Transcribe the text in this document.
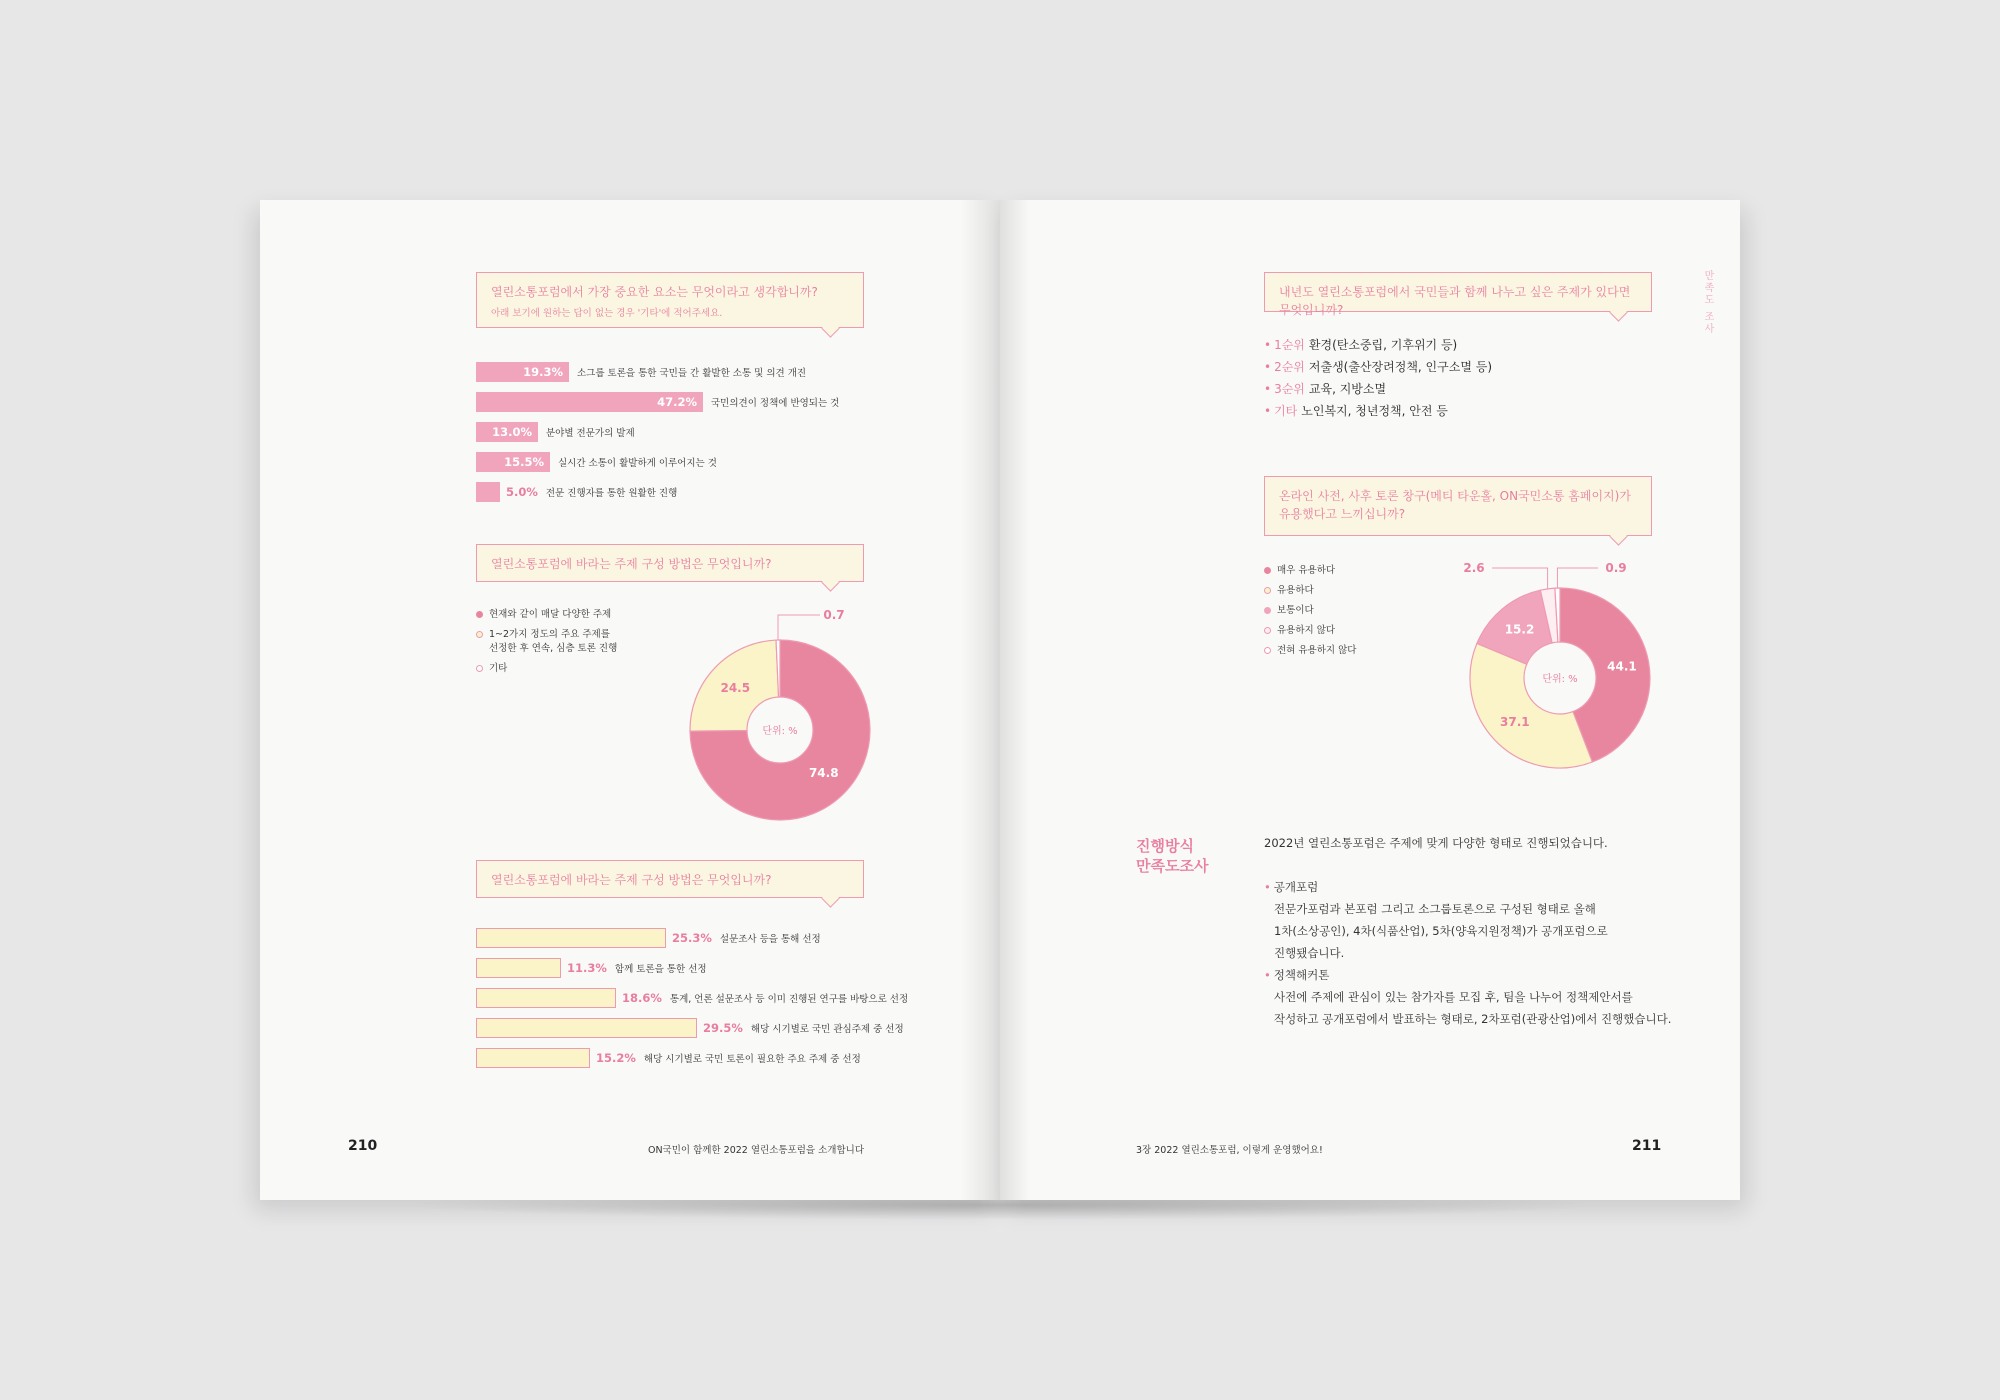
열린소통포럼에서 가장 중요한 요소는 무엇이라고 생각합니까?
아래 보기에 원하는 답이 없는 경우 '기타'에 적어주세요.
19.3%	소그룹 토론을 통한 국민들 간 활발한 소통 및 의견 개진
47.2%	국민의견이 정책에 반영되는 것
13.0%	분야별 전문가의 발제
15.5%	실시간 소통이 활발하게 이루어지는 것
5.0% 전문 진행자를 통한 원활한 진행
열린소통포럼에 바라는 주제 구성 방법은 무엇입니까?
현재와 같이 매달 다양한 주제
1~2가지 정도의 주요 주제를
선정한 후 연속, 심층 토론 진행
기타
단위: %
74.8
24.5
0.7
열린소통포럼에 바라는 주제 구성 방법은 무엇입니까?
25.3% 설문조사 등을 통해 선정
11.3% 함께 토론을 통한 선정
18.6% 통계, 언론 설문조사 등 이미 진행된 연구를 바탕으로 선정
29.5% 해당 시기별로 국민 관심주제 중 선정
15.2% 해당 시기별로 국민 토론이 필요한 주요 주제 중 선정
210	ON국민이 함께한 2022 열린소통포럼을 소개합니다
만족도 조사
내년도 열린소통포럼에서 국민들과 함께 나누고 싶은 주제가 있다면 무엇입니까?
• 1순위 환경(탄소중립, 기후위기 등)
• 2순위 저출생(출산장려정책, 인구소멸 등)
• 3순위 교육, 지방소멸
• 기타 노인복지, 청년정책, 안전 등
온라인 사전, 사후 토론 창구(메티 타운홀, ON국민소통 홈페이지)가
유용했다고 느끼십니까?
매우 유용하다
유용하다
보통이다
유용하지 않다
전혀 유용하지 않다
단위: %
44.1
37.1
15.2
2.6	0.9
진행방식
만족도조사
2022년 열린소통포럼은 주제에 맞게 다양한 형태로 진행되었습니다.
• 공개포럼
전문가포럼과 본포럼 그리고 소그룹토론으로 구성된 형태로 올해
1차(소상공인), 4차(식품산업), 5차(양육지원정책)가 공개포럼으로
진행됐습니다.
• 정책해커톤
사전에 주제에 관심이 있는 참가자를 모집 후, 팀을 나누어 정책제안서를
작성하고 공개포럼에서 발표하는 형태로, 2차포럼(관광산업)에서 진행했습니다.
3장 2022 열린소통포럼, 이렇게 운영했어요!	211
